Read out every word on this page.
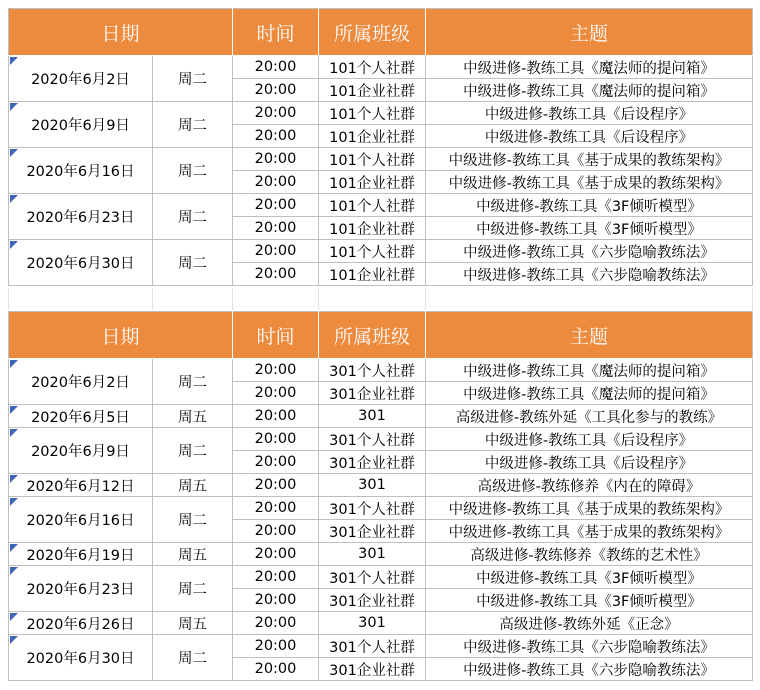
日期		时间	所属班级	主题

2020年6月2日	周二	20:00	101个人社群	中级进修-教练工具《魔法师的提问箱》
		20:00	101企业社群	中级进修-教练工具《魔法师的提问箱》

2020年6月9日	周二	20:00	101个人社群	中级进修-教练工具《后设程序》
		20:00	101企业社群	中级进修-教练工具《后设程序》

2020年6月16日	周二	20:00	101个人社群	中级进修-教练工具《基于成果的教练架构》
		20:00	101企业社群	中级进修-教练工具《基于成果的教练架构》

2020年6月23日	周二	20:00	101个人社群	中级进修-教练工具《3F倾听模型》
		20:00	101企业社群	中级进修-教练工具《3F倾听模型》

2020年6月30日	周二	20:00	101个人社群	中级进修-教练工具《六步隐喻教练法》
		20:00	101企业社群	中级进修-教练工具《六步隐喻教练法》
日期		时间	所属班级	主题

2020年6月2日	周二	20:00	301个人社群	中级进修-教练工具《魔法师的提问箱》
		20:00	301企业社群	中级进修-教练工具《魔法师的提问箱》

2020年6月5日	周五	20:00	301	高级进修-教练外延《工具化参与的教练》

2020年6月9日	周二	20:00	301个人社群	中级进修-教练工具《后设程序》
		20:00	301企业社群	中级进修-教练工具《后设程序》

2020年6月12日	周五	20:00	301	高级进修-教练修养《内在的障碍》

2020年6月16日	周二	20:00	301个人社群	中级进修-教练工具《基于成果的教练架构》
		20:00	301企业社群	中级进修-教练工具《基于成果的教练架构》

2020年6月19日	周五	20:00	301	高级进修-教练修养《教练的艺术性》

2020年6月23日	周二	20:00	301个人社群	中级进修-教练工具《3F倾听模型》
		20:00	301企业社群	中级进修-教练工具《3F倾听模型》

2020年6月26日	周五	20:00	301	高级进修-教练外延《正念》

2020年6月30日	周二	20:00	301个人社群	中级进修-教练工具《六步隐喻教练法》
		20:00	301企业社群	中级进修-教练工具《六步隐喻教练法》
